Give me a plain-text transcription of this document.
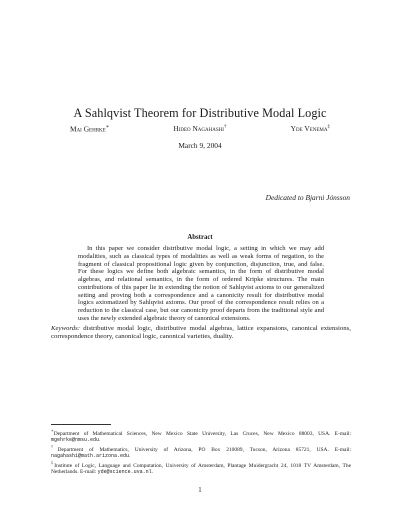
A Sahlqvist Theorem for Distributive Modal Logic
Mai Gehrke∗	Hideo Nagahashi†	Yde Venema‡
March 9, 2004
Dedicated to Bjarni Jónsson
Abstract

In this paper we consider distributive modal logic, a setting in which we may add modalities, such as classical types of modalities as well as weak forms of negation, to the fragment of classical propositional logic given by conjunction, disjunction, true, and false. For these logics we define both algebraic semantics, in the form of distributive modal algebras, and relational semantics, in the form of ordered Kripke structures. The main contributions of this paper lie in extending the notion of Sahlqvist axioms to our generalized setting and proving both a correspondence and a canonicity result for distributive modal logics axiomatized by Sahlqvist axioms. Our proof of the correspondence result relies on a reduction to the classical case, but our canonicity proof departs from the traditional style and uses the newly extended algebraic theory of canonical extensions.

Keywords: distributive modal logic, distributive modal algebras, lattice expansions, canonical extensions, correspondence theory, canonical logic, canonical varieties, duality.

∗Department of Mathematical Sciences, New Mexico State University, Las Cruces, New Mexico 88003, USA. E-mail: mgehrke@nmsu.edu.

†Department of Mathematics, University of Arizona, PO Box 210089, Tucson, Arizona 85721, USA. E-mail: nagahashi@math.arizona.edu.

‡Institute of Logic, Language and Computation, University of Amsterdam, Plantage Muidergracht 24, 1018 TV Amsterdam, The Netherlands. E-mail: yde@science.uva.nl.

1
